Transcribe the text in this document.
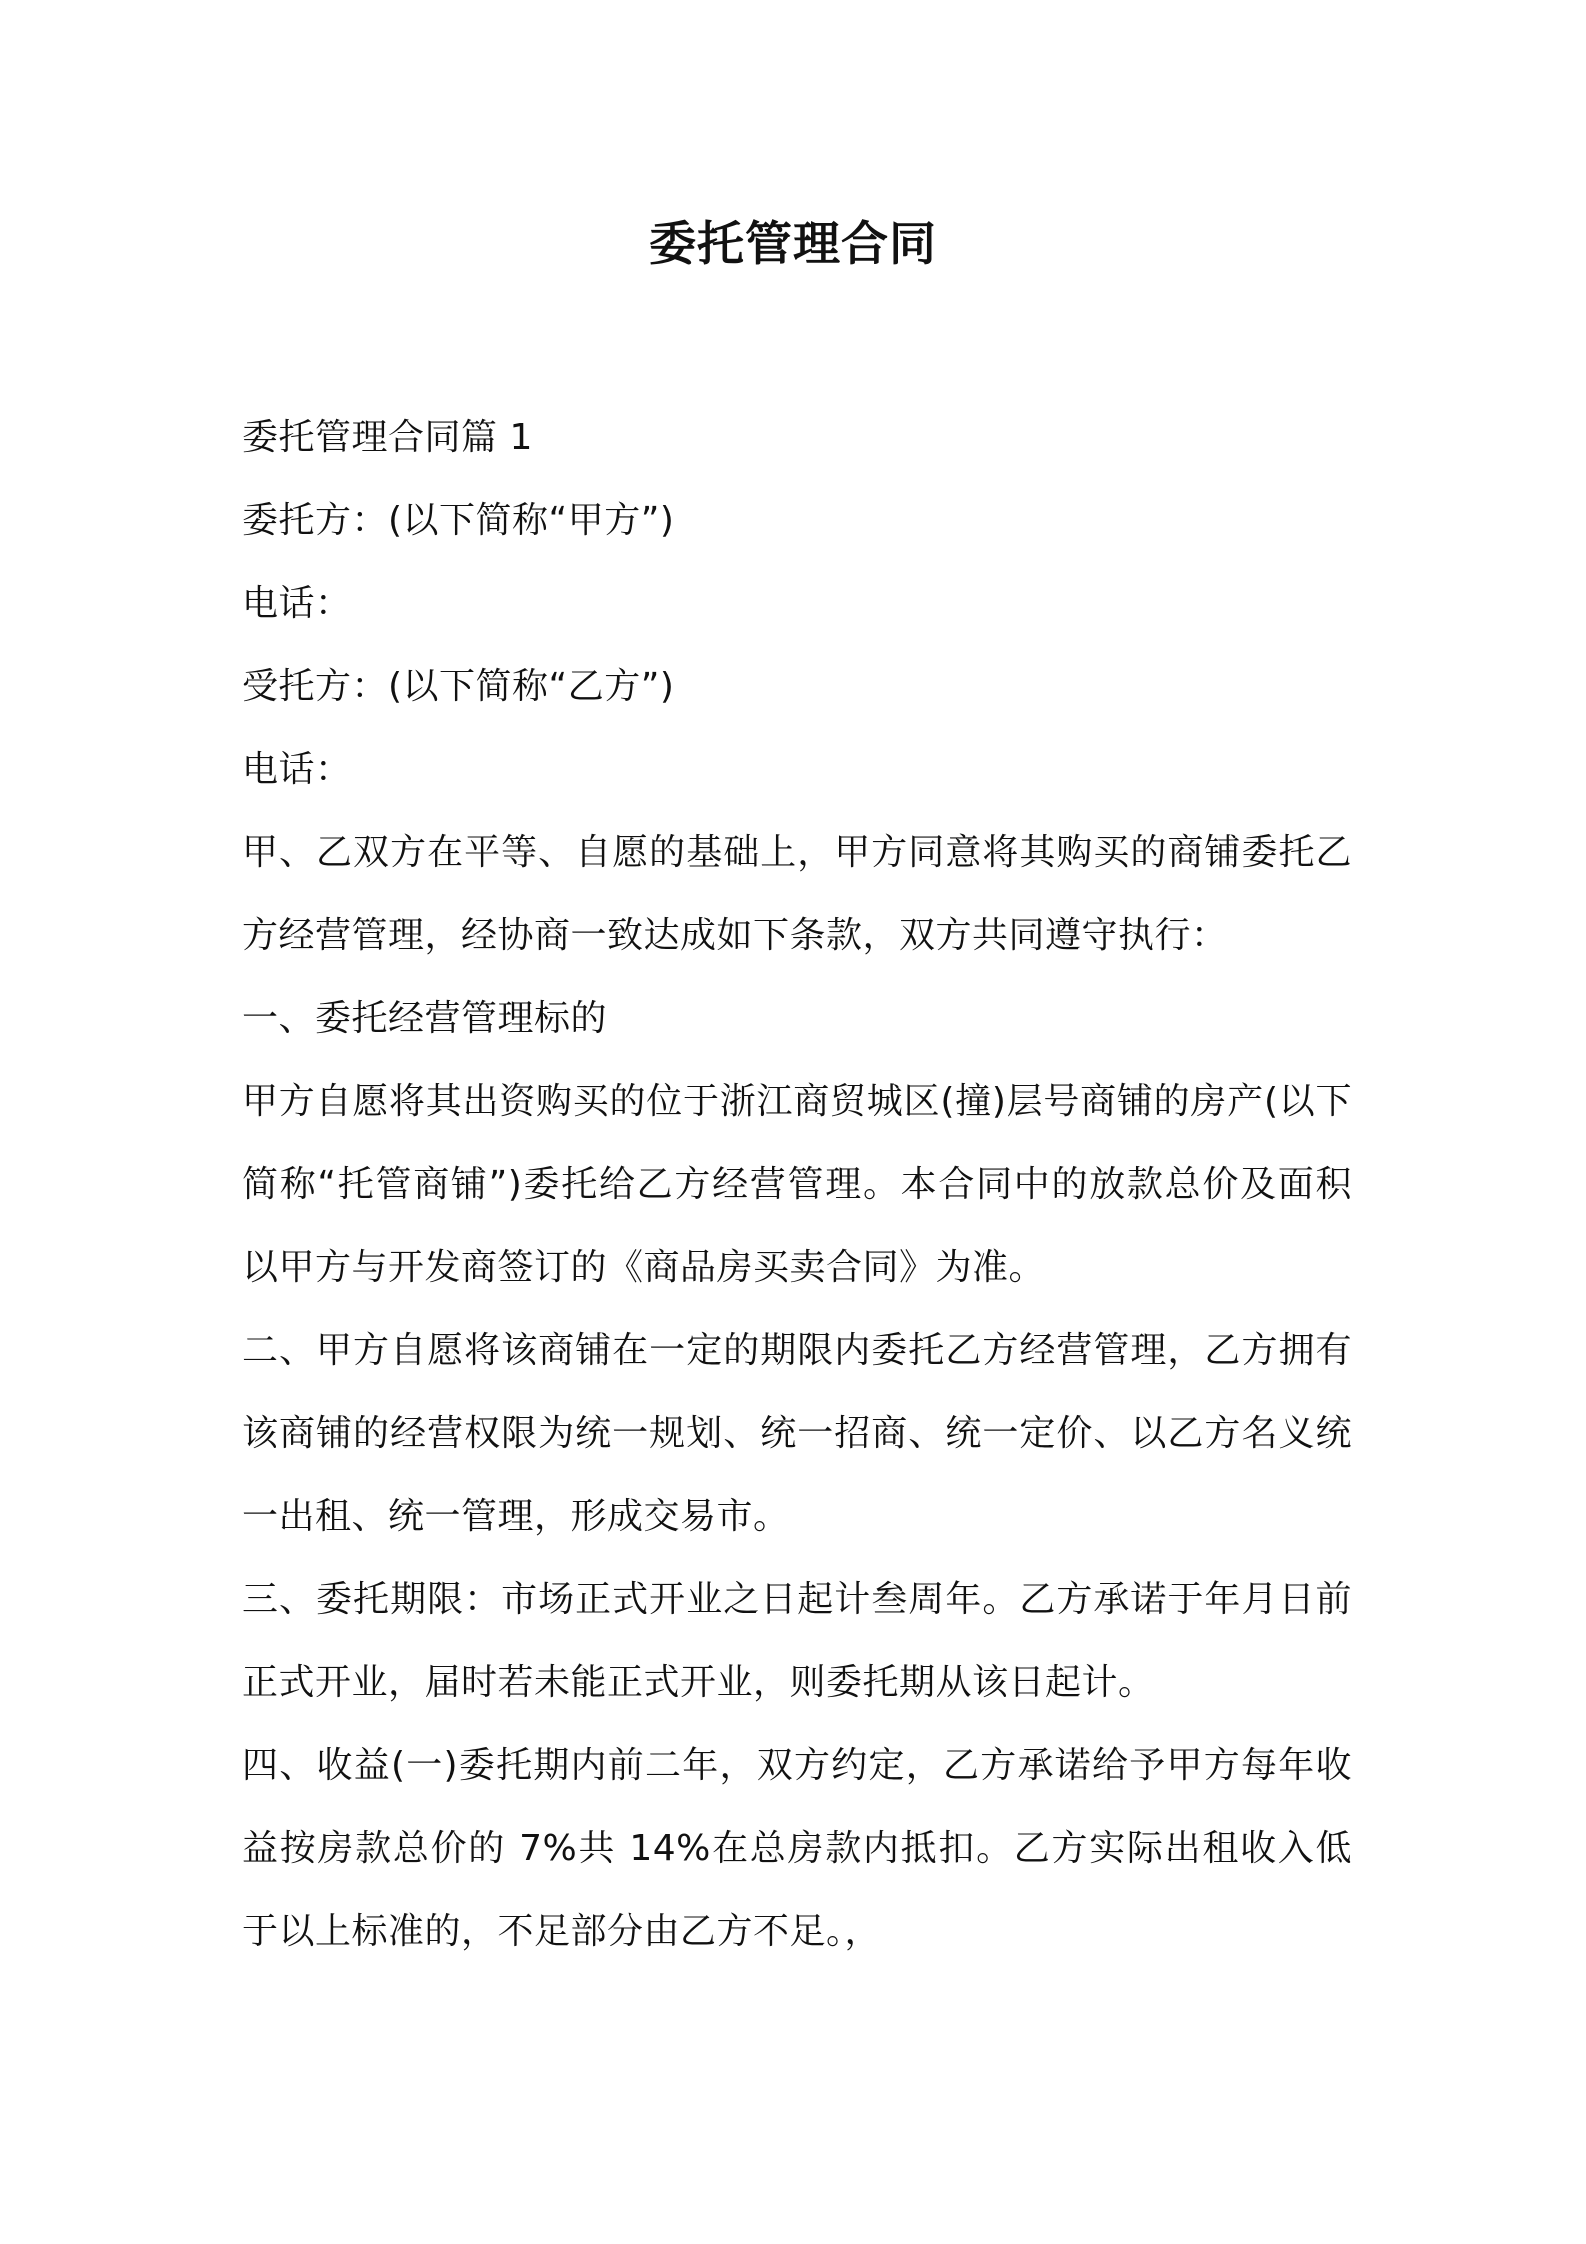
委托管理合同

委托管理合同篇 1

委托方：(以下简称“甲方”)

电话：

受托方：(以下简称“乙方”)

电话：

甲、乙双方在平等、自愿的基础上，甲方同意将其购买的商铺委托乙方经营管理，经协商一致达成如下条款，双方共同遵守执行：

一、委托经营管理标的

甲方自愿将其出资购买的位于浙江商贸城区(撞)层号商铺的房产(以下简称“托管商铺”)委托给乙方经营管理。本合同中的放款总价及面积以甲方与开发商签订的《商品房买卖合同》为准。

二、甲方自愿将该商铺在一定的期限内委托乙方经营管理，乙方拥有该商铺的经营权限为统一规划、统一招商、统一定价、以乙方名义统一出租、统一管理，形成交易市。

三、委托期限：市场正式开业之日起计叁周年。乙方承诺于年月日前正式开业，届时若未能正式开业，则委托期从该日起计。

四、收益(一)委托期内前二年，双方约定，乙方承诺给予甲方每年收益按房款总价的 7%共 14%在总房款内抵扣。乙方实际出租收入低于以上标准的，不足部分由乙方不足。，
